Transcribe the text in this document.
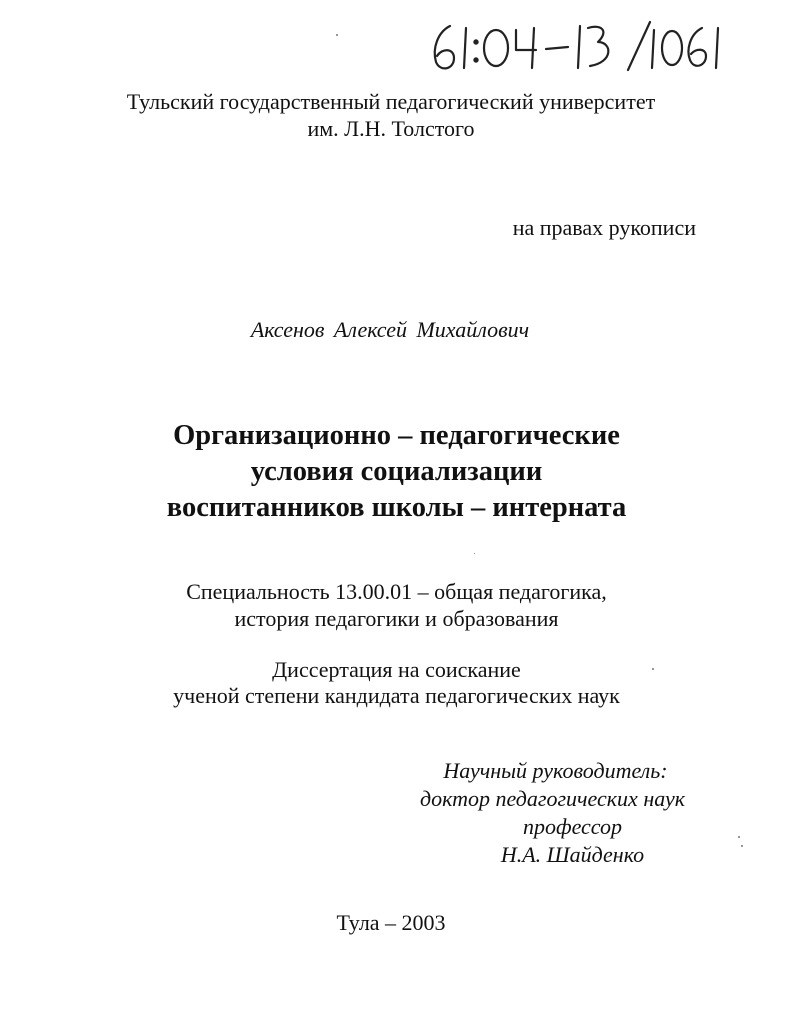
Тульский государственный педагогический университет
им. Л.Н. Толстого
на правах рукописи
Аксенов Алексей Михайлович
Организационно – педагогические
условия социализации
воспитанников школы – интерната
Специальность 13.00.01 – общая педагогика,
история педагогики и образования
Диссертация на соискание
ученой степени кандидата педагогических наук
Научный руководитель:
доктор педагогических наук
профессор
Н.А. Шайденко
Тула – 2003
